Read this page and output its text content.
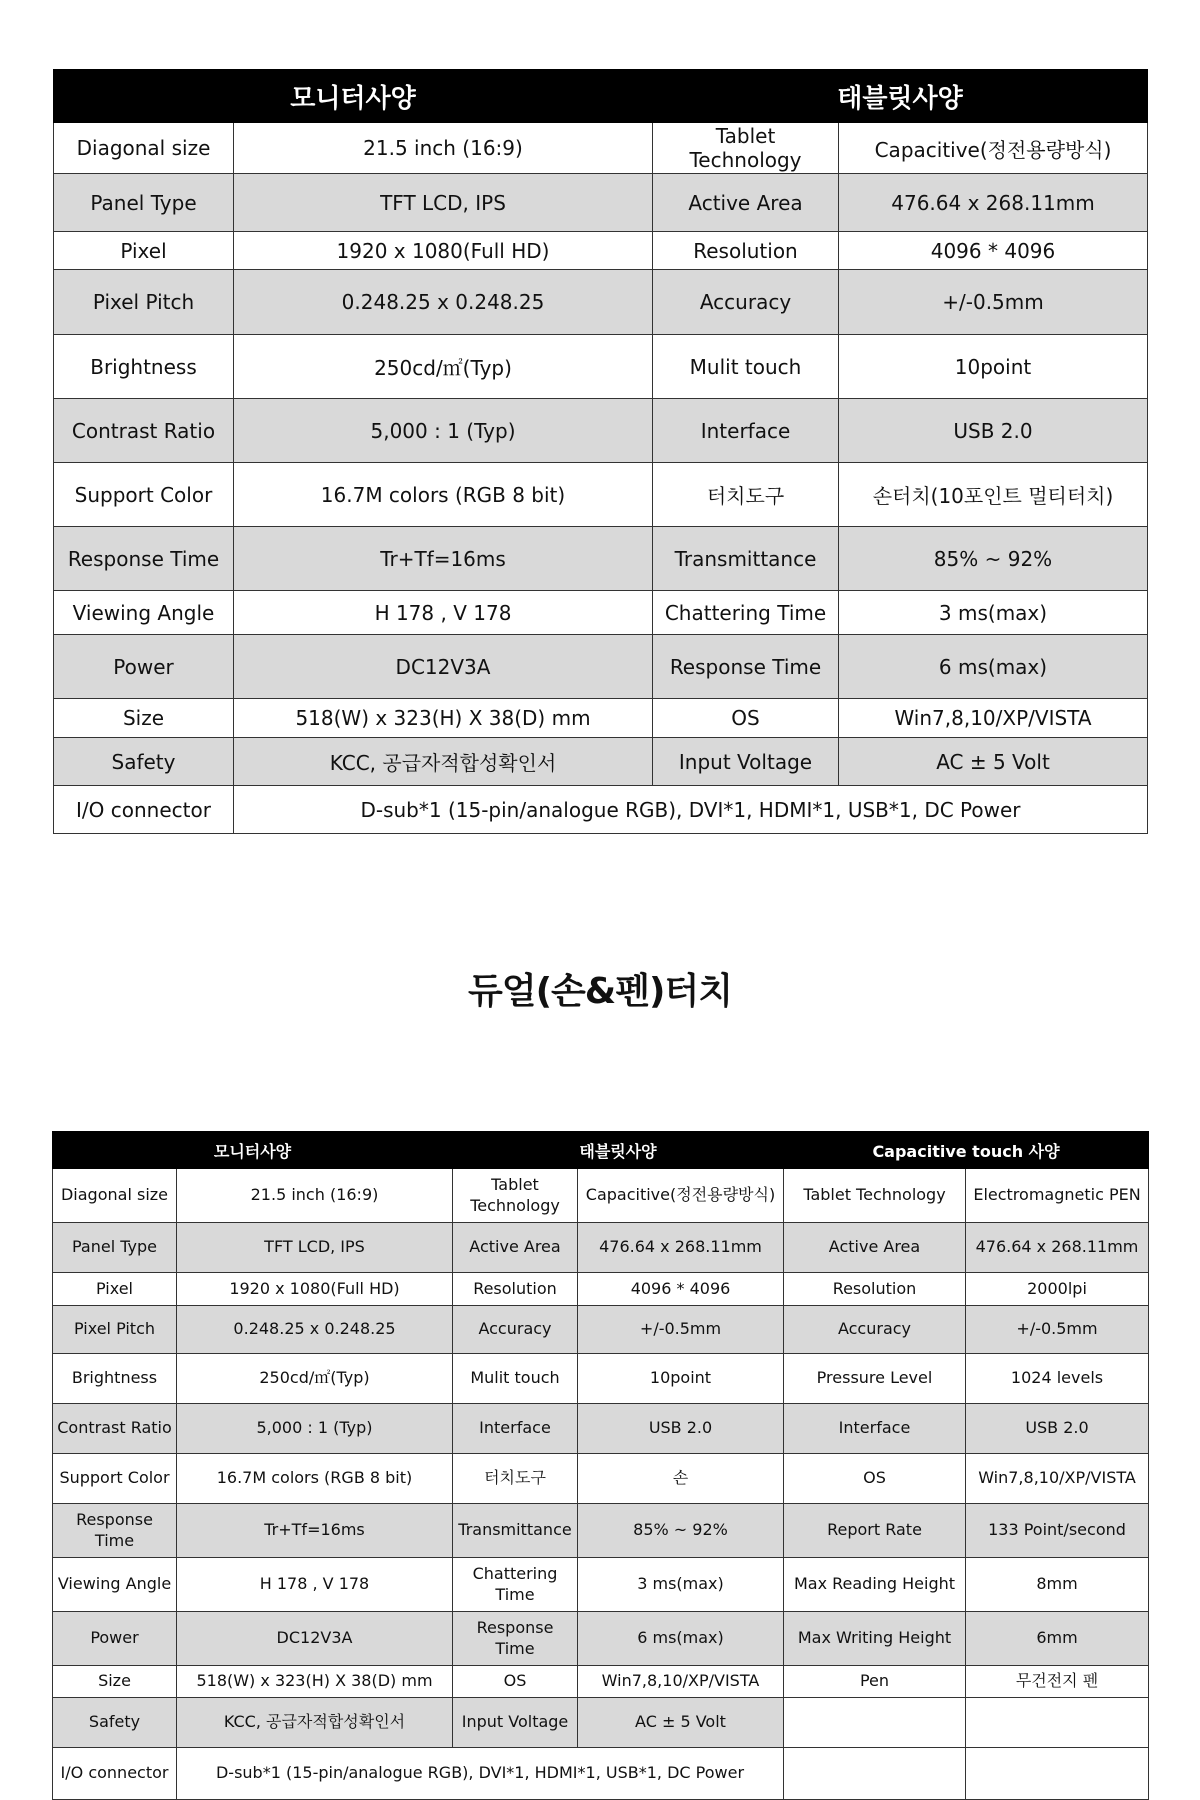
모니터사양		태블릿사양	
Diagonal size	21.5 inch (16:9)	Tablet Technology	Capacitive(정전용량방식)
Panel Type	TFT LCD, IPS	Active Area	476.64 x 268.11mm
Pixel	1920 x 1080(Full HD)	Resolution	4096 * 4096
Pixel Pitch	0.248.25 x 0.248.25	Accuracy	+/-0.5mm
Brightness	250cd/㎡(Typ)	Mulit touch	10point
Contrast Ratio	5,000 : 1 (Typ)	Interface	USB 2.0
Support Color	16.7M colors (RGB 8 bit)	터치도구	손터치(10포인트 멀티터치)
Response Time	Tr+Tf=16ms	Transmittance	85% ~ 92%
Viewing Angle	H 178 , V 178	Chattering Time	3 ms(max)
Power	DC12V3A	Response Time	6 ms(max)
Size	518(W) x 323(H) X 38(D) mm	OS	Win7,8,10/XP/VISTA
Safety	KCC, 공급자적합성확인서	Input Voltage	AC ± 5 Volt
I/O connector	D-sub*1 (15-pin/analogue RGB), DVI*1, HDMI*1, USB*1, DC Power		
듀얼(손&펜)터치
모니터사양		태블릿사양		Capacitive touch 사양	
Diagonal size	21.5 inch (16:9)	Tablet Technology	Capacitive(정전용량방식)	Tablet Technology	Electromagnetic PEN
Panel Type	TFT LCD, IPS	Active Area	476.64 x 268.11mm	Active Area	476.64 x 268.11mm
Pixel	1920 x 1080(Full HD)	Resolution	4096 * 4096	Resolution	2000lpi
Pixel Pitch	0.248.25 x 0.248.25	Accuracy	+/-0.5mm	Accuracy	+/-0.5mm
Brightness	250cd/㎡(Typ)	Mulit touch	10point	Pressure Level	1024 levels
Contrast Ratio	5,000 : 1 (Typ)	Interface	USB 2.0	Interface	USB 2.0
Support Color	16.7M colors (RGB 8 bit)	터치도구	손	OS	Win7,8,10/XP/VISTA
Response Time	Tr+Tf=16ms	Transmittance	85% ~ 92%	Report Rate	133 Point/second
Viewing Angle	H 178 , V 178	Chattering Time	3 ms(max)	Max Reading Height	8mm
Power	DC12V3A	Response Time	6 ms(max)	Max Writing Height	6mm
Size	518(W) x 323(H) X 38(D) mm	OS	Win7,8,10/XP/VISTA	Pen	무건전지 펜
Safety	KCC, 공급자적합성확인서	Input Voltage	AC ± 5 Volt		
I/O connector	D-sub*1 (15-pin/analogue RGB), DVI*1, HDMI*1, USB*1, DC Power				
